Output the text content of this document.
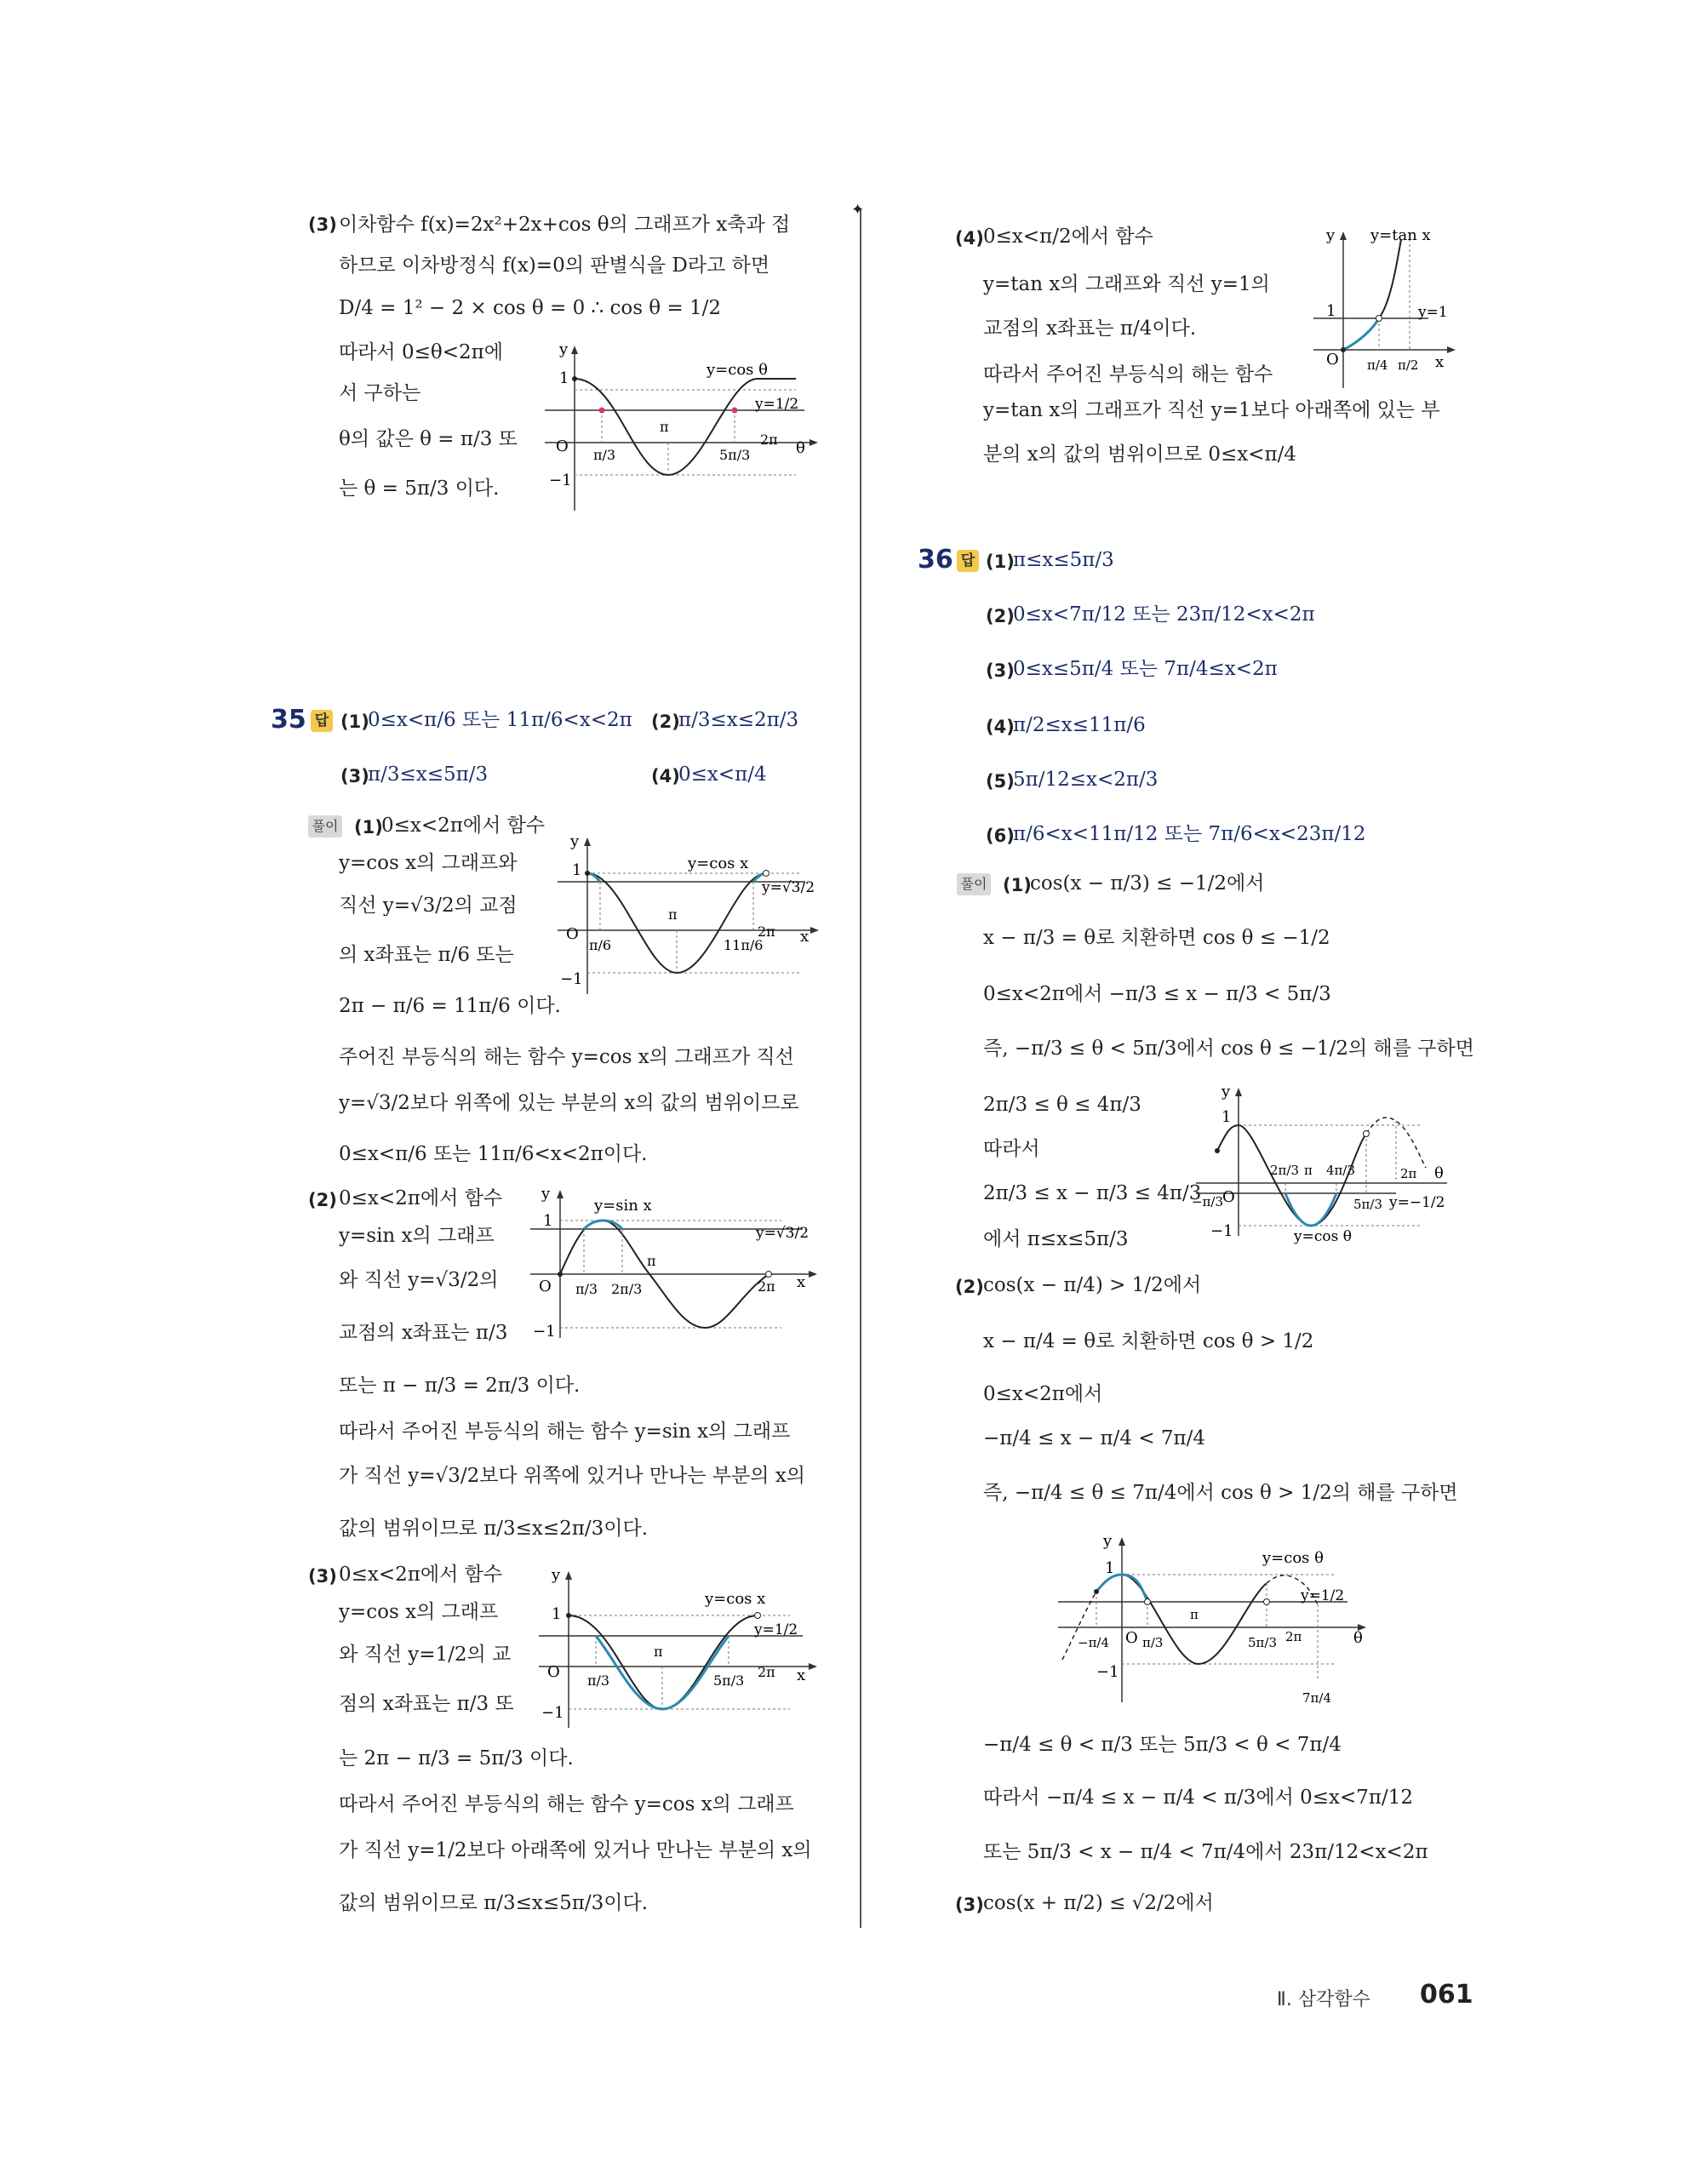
(3) 이차함수 f(x)=2x²+2x+cos θ의 그래프가 x축과 접
하므로 이차방정식 f(x)=0의 판별식을 D라고 하면
D/4 = 1² − 2 × cos θ = 0 ∴ cos θ = 1/2
따라서 0≤θ<2π에
서 구하는
θ의 값은 θ = π/3 또
는 θ = 5π/3 이다.
y
1
−1
O
y=cos θ
y=1/2
π/3
π
5π/3
2π θ
35 답 (1)
0≤x<π/6 또는 11π/6<x<2π (2)
π/3≤x≤2π/3
(3)
π/3≤x≤5π/3	(4)
0≤x<π/4
풀이 (1)
0≤x<2π에서 함수
y=cos x의 그래프와
직선 y=√3/2의 교점
의 x좌표는 π/6 또는
2π − π/6 = 11π/6 이다.
주어진 부등식의 해는 함수 y=cos x의 그래프가 직선
y=√3/2보다 위쪽에 있는 부분의 x의 값의 범위이므로
0≤x<π/6 또는 11π/6<x<2π이다.
y
1
−1
O
y=cos x
y=√3/2
π/6
π
11π/6
2π x
(2) 0≤x<2π에서 함수
y=sin x의 그래프
와 직선 y=√3/2의
교점의 x좌표는 π/3
또는 π − π/3 = 2π/3 이다.
따라서 주어진 부등식의 해는 함수 y=sin x의 그래프
가 직선 y=√3/2보다 위쪽에 있거나 만나는 부분의 x의
값의 범위이므로 π/3≤x≤2π/3이다.
y
1
−1
O
y=sin x
y=√3/2
π/3 2π/3
π
2π x
(3) 0≤x<2π에서 함수
y=cos x의 그래프
와 직선 y=1/2의 교
점의 x좌표는 π/3 또
는 2π − π/3 = 5π/3 이다.
따라서 주어진 부등식의 해는 함수 y=cos x의 그래프
가 직선 y=1/2보다 아래쪽에 있거나 만나는 부분의 x의
값의 범위이므로 π/3≤x≤5π/3이다.
y
1
−1
O
y=cos x
y=1/2
π/3
π
5π/3
2π x
✦
(4) 0≤x<π/2에서 함수
y=tan x의 그래프와 직선 y=1의
교점의 x좌표는 π/4이다.
따라서 주어진 부등식의 해는 함수
y=tan x의 그래프가 직선 y=1보다 아래쪽에 있는 부
분의 x의 값의 범위이므로 0≤x<π/4
y
1
O
y=tan x
y=1
π/4 π/2 x
36 답 (1)
π≤x≤5π/3
(2)
0≤x<7π/12 또는 23π/12<x<2π
(3)
0≤x≤5π/4 또는 7π/4≤x<2π
(4)
π/2≤x≤11π/6
(5)
5π/12≤x<2π/3
(6)
π/6<x<11π/12 또는 7π/6<x<23π/12
풀이 (1)
cos(x − π/3) ≤ −1/2에서
x − π/3 = θ로 치환하면 cos θ ≤ −1/2
0≤x<2π에서 −π/3 ≤ x − π/3 < 5π/3
즉, −π/3 ≤ θ < 5π/3에서 cos θ ≤ −1/2의 해를 구하면
2π/3 ≤ θ ≤ 4π/3
따라서
2π/3 ≤ x − π/3 ≤ 4π/3
에서 π≤x≤5π/3
y
1
−1
O
y=cos θ
y=−1/2
−π/3
2π/3 π 4π/3
5π/3
2π θ
(2) cos(x − π/4) > 1/2에서
x − π/4 = θ로 치환하면 cos θ > 1/2
0≤x<2π에서
−π/4 ≤ x − π/4 < 7π/4
즉, −π/4 ≤ θ ≤ 7π/4에서 cos θ > 1/2의 해를 구하면
−π/4 ≤ θ < π/3 또는 5π/3 < θ < 7π/4
따라서 −π/4 ≤ x − π/4 < π/3에서 0≤x<7π/12
또는 5π/3 < x − π/4 < 7π/4에서 23π/12<x<2π
y
1
−1
O
y=cos θ
y=1/2
−π/4	π/3
π
5π/3 2π
7π/4
θ
(3) cos(x + π/2) ≤ √2/2에서
Ⅱ. 삼각함수 061
